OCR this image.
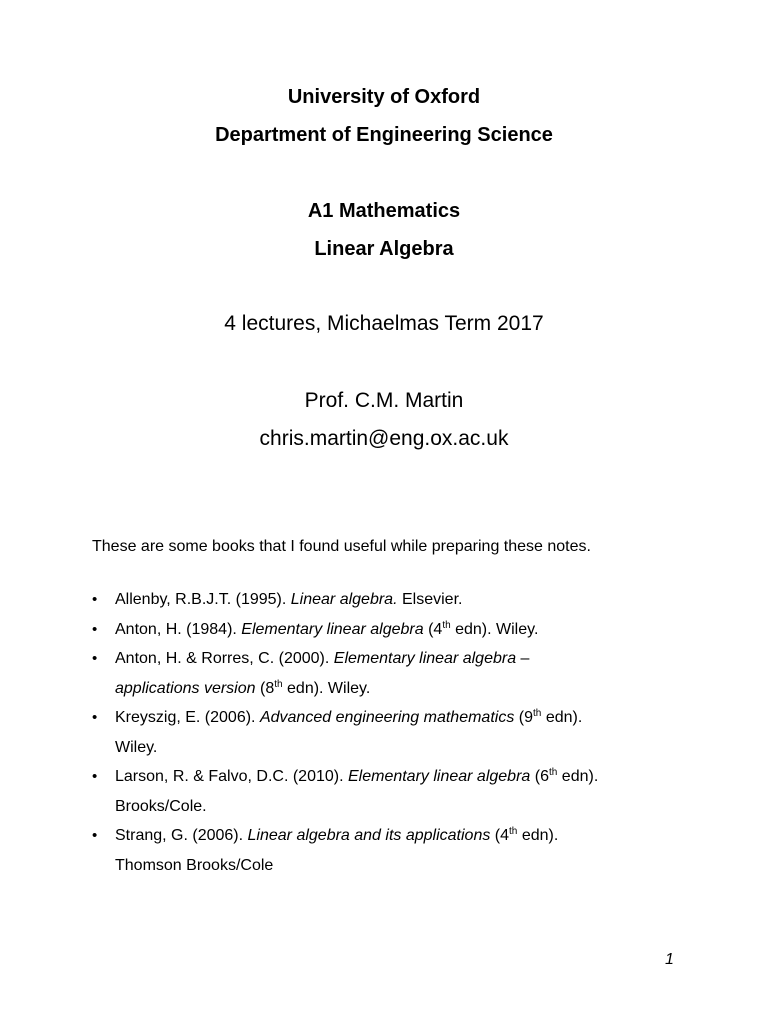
University of Oxford
Department of Engineering Science
A1 Mathematics
Linear Algebra
4 lectures, Michaelmas Term 2017
Prof. C.M. Martin
chris.martin@eng.ox.ac.uk
These are some books that I found useful while preparing these notes.
• Allenby, R.B.J.T. (1995). Linear algebra. Elsevier.
• Anton, H. (1984). Elementary linear algebra (4th edn). Wiley.
• Anton, H. & Rorres, C. (2000). Elementary linear algebra –
applications version (8th edn). Wiley.
• Kreyszig, E. (2006). Advanced engineering mathematics (9th edn).
Wiley.
• Larson, R. & Falvo, D.C. (2010). Elementary linear algebra (6th edn).
Brooks/Cole.
• Strang, G. (2006). Linear algebra and its applications (4th edn).
Thomson Brooks/Cole
1
